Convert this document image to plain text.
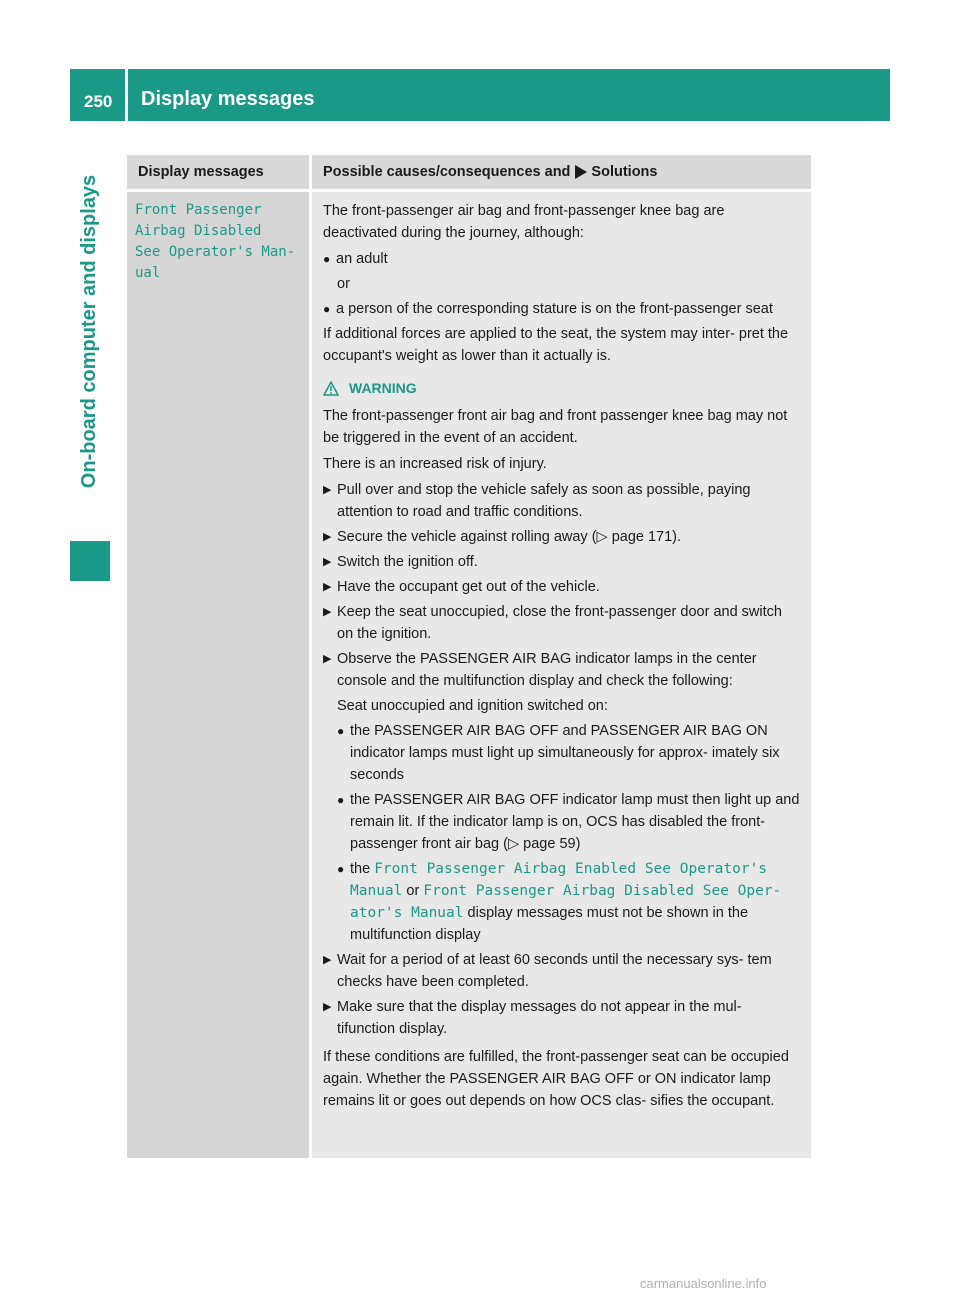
250 Display messages
On-board computer and displays
Display messages	Possible causes/consequences and Solutions
Front Passenger
Airbag Disabled
See Operator's Man‐
ual

The front-passenger air bag and front-passenger knee bag are deactivated during the journey, although:

● an adult
or
● a person of the corresponding stature is on the front-passenger seat

If additional forces are applied to the seat, the system may inter- pret the occupant's weight as lower than it actually is.

WARNING

The front-passenger front air bag and front passenger knee bag may not be triggered in the event of an accident.

There is an increased risk of injury.

▶ Pull over and stop the vehicle safely as soon as possible, paying attention to road and traffic conditions.
▶ Secure the vehicle against rolling away (▷ page 171).
▶ Switch the ignition off.
▶ Have the occupant get out of the vehicle.
▶ Keep the seat unoccupied, close the front-passenger door and switch on the ignition.
▶ Observe the PASSENGER AIR BAG indicator lamps in the center console and the multifunction display and check the following:
Seat unoccupied and ignition switched on:
● the PASSENGER AIR BAG OFF and PASSENGER AIR BAG ON indicator lamps must light up simultaneously for approx- imately six seconds
● the PASSENGER AIR BAG OFF indicator lamp must then light up and remain lit. If the indicator lamp is on, OCS has disabled the front-passenger front air bag (▷ page 59)
● the Front Passenger Airbag Enabled See Operator's Manual or Front Passenger Airbag Disabled See Oper‐ ator's Manual display messages must not be shown in the multifunction display
▶ Wait for a period of at least 60 seconds until the necessary sys- tem checks have been completed.
▶ Make sure that the display messages do not appear in the mul- tifunction display.

If these conditions are fulfilled, the front-passenger seat can be occupied again. Whether the PASSENGER AIR BAG OFF or ON indicator lamp remains lit or goes out depends on how OCS clas- sifies the occupant.

carmanualsonline.info
